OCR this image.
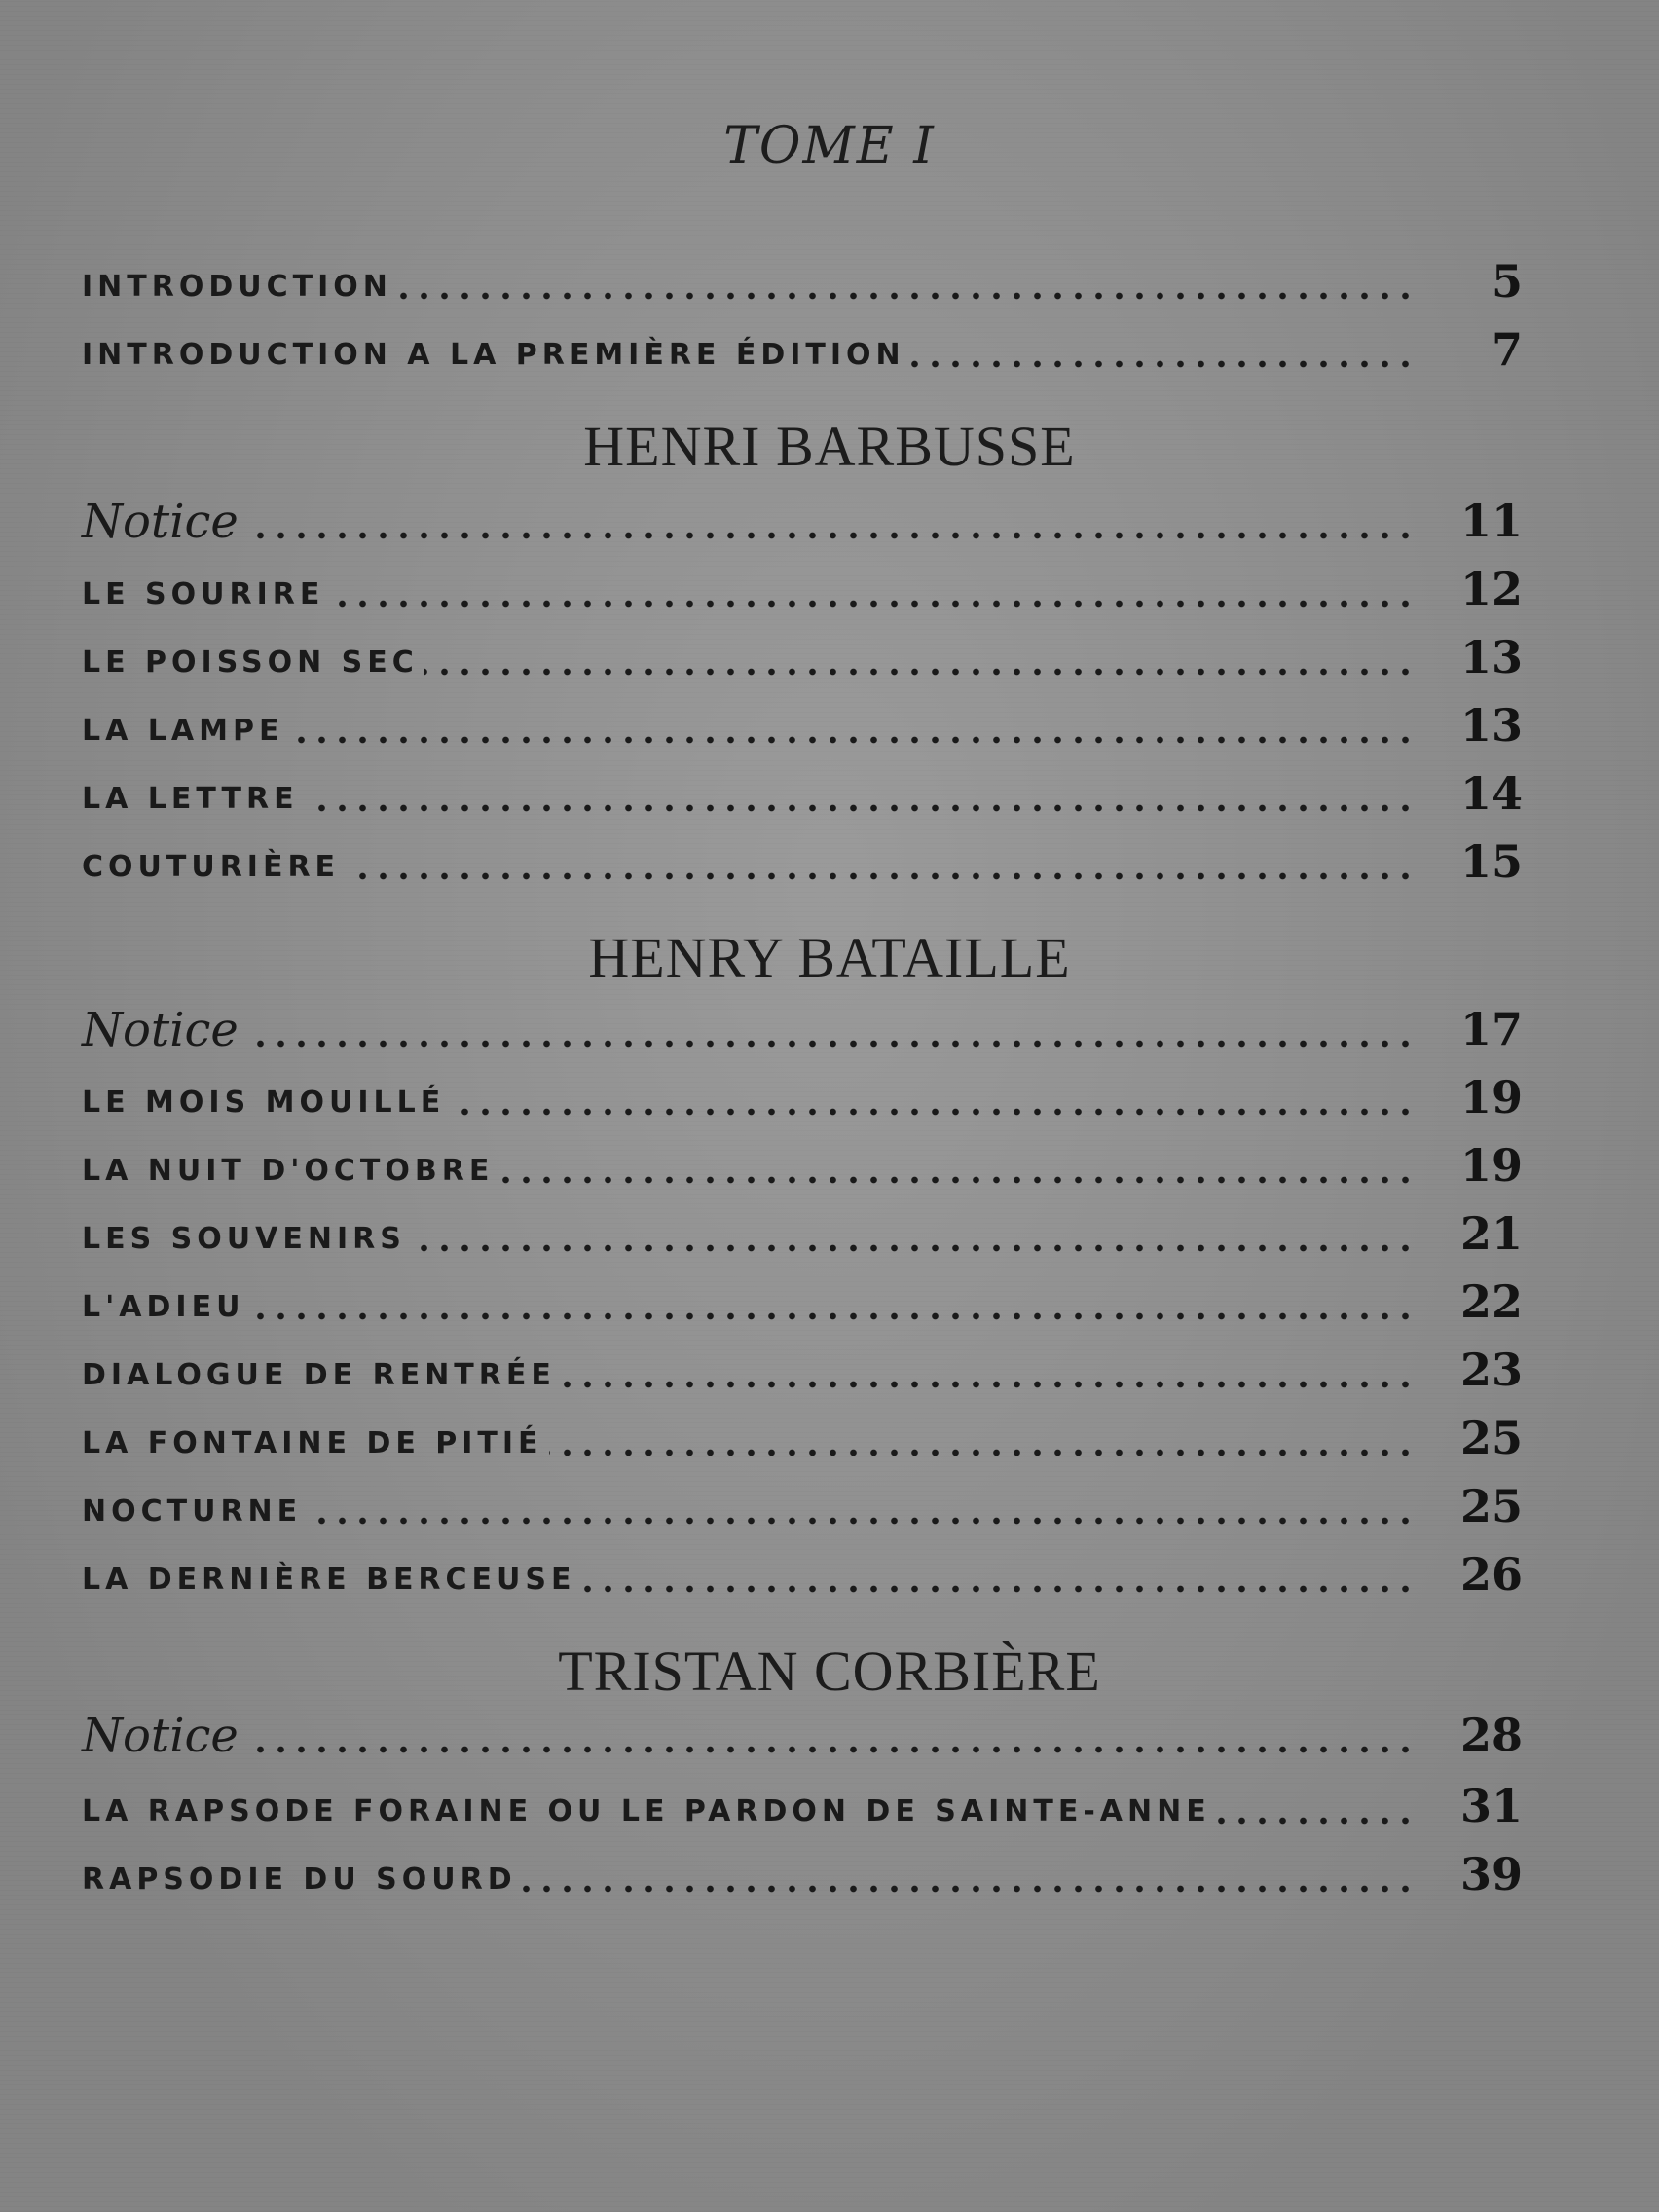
TOME I
INTRODUCTION	5
INTRODUCTION A LA PREMIÈRE ÉDITION	7
HENRI BARBUSSE
Notice	11
LE SOURIRE	12
LE POISSON SEC	13
LA LAMPE	13
LA LETTRE	14
COUTURIÈRE	15
HENRY BATAILLE
Notice	17
LE MOIS MOUILLÉ	19
LA NUIT D'OCTOBRE	19
LES SOUVENIRS	21
L'ADIEU	22
DIALOGUE DE RENTRÉE	23
LA FONTAINE DE PITIÉ	25
NOCTURNE	25
LA DERNIÈRE BERCEUSE	26
TRISTAN CORBIÈRE
Notice	28
LA RAPSODE FORAINE OU LE PARDON DE SAINTE-ANNE	31
RAPSODIE DU SOURD	39
